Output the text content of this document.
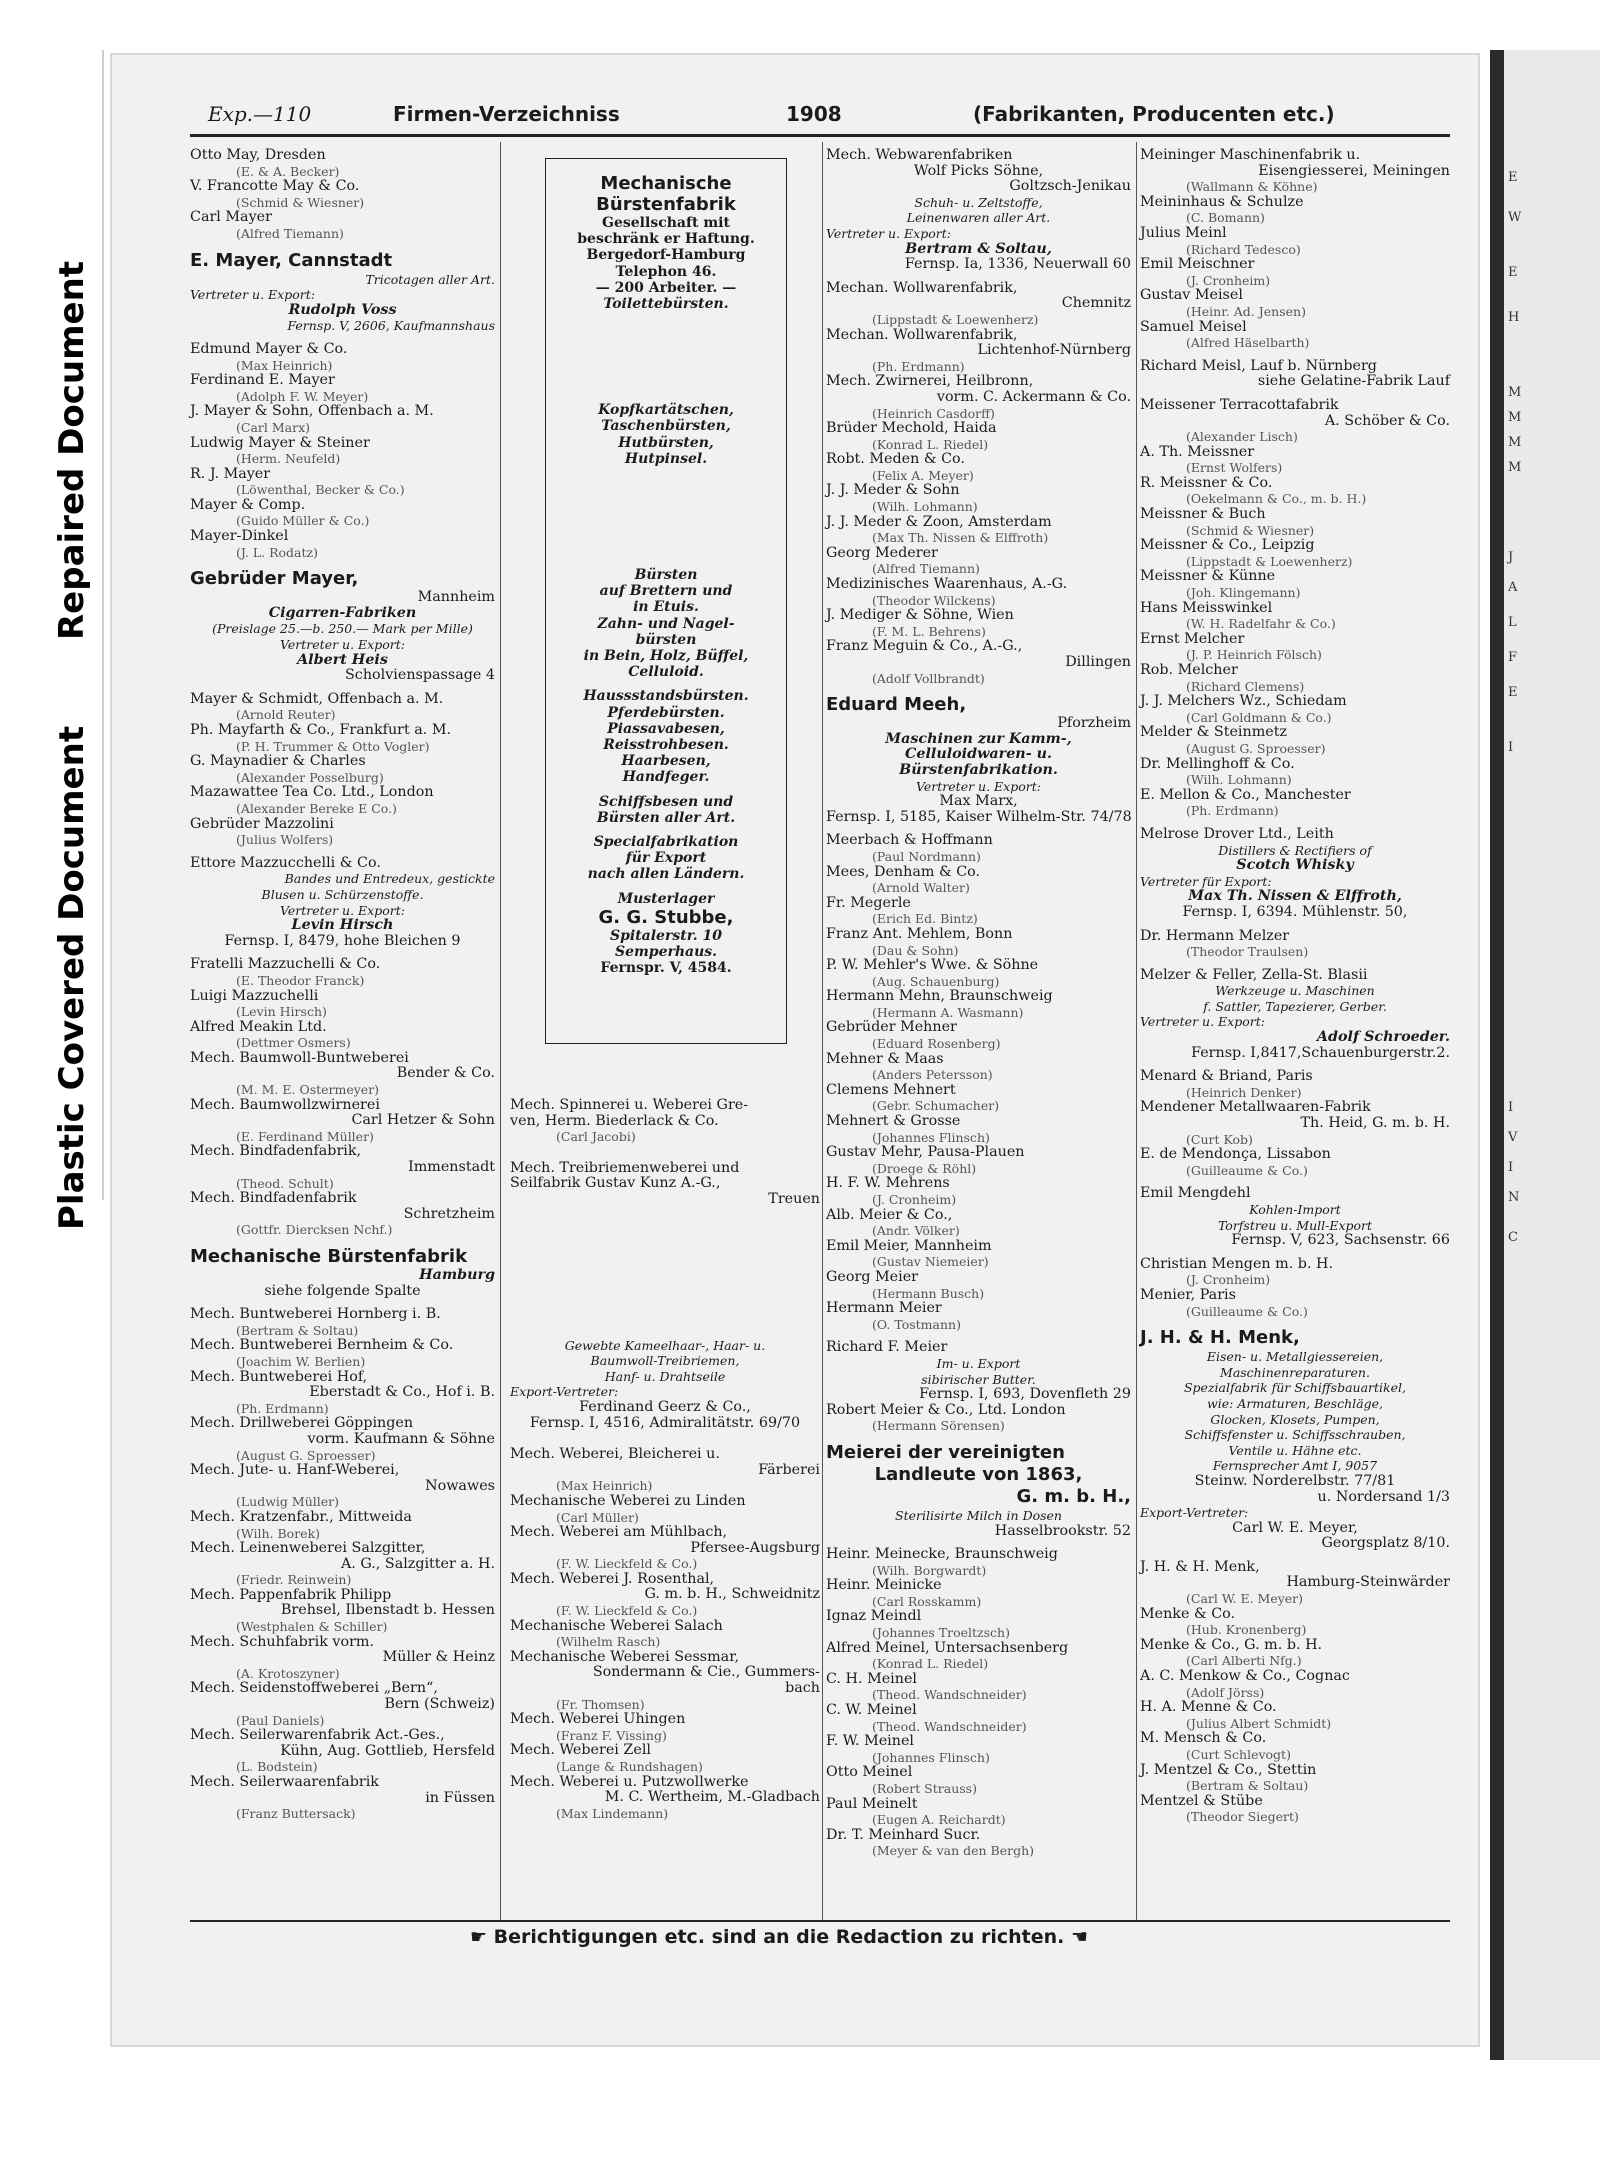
Repaired Document
Plastic Covered Document
E
W
E
H
M
M
M
M
J
A
L
F
E
I
I
V
I
N
C
Exp.—110	Firmen-Verzeichniss	1908	(Fabrikanten, Producenten etc.)
Otto May, Dresden
(E. & A. Becker)
V. Francotte May & Co.
(Schmid & Wiesner)
Carl Mayer
(Alfred Tiemann)
E. Mayer, Cannstadt
Tricotagen aller Art.
Vertreter u. Export:
Rudolph Voss
Fernsp. V, 2606, Kaufmannshaus
Edmund Mayer & Co.
(Max Heinrich)
Ferdinand E. Mayer
(Adolph F. W. Meyer)
J. Mayer & Sohn, Offenbach a. M.
(Carl Marx)
Ludwig Mayer & Steiner
(Herm. Neufeld)
R. J. Mayer
(Löwenthal, Becker & Co.)
Mayer & Comp.
(Guido Müller & Co.)
Mayer-Dinkel
(J. L. Rodatz)
Gebrüder Mayer,
Mannheim
Cigarren-Fabriken
(Preislage 25.—b. 250.— Mark per Mille)
Vertreter u. Export:
Albert Heis
Scholvienspassage 4
Mayer & Schmidt, Offenbach a. M.
(Arnold Reuter)
Ph. Mayfarth & Co., Frankfurt a. M.
(P. H. Trummer & Otto Vogler)
G. Maynadier & Charles
(Alexander Posselburg)
Mazawattee Tea Co. Ltd., London
(Alexander Bereke E Co.)
Gebrüder Mazzolini
(Julius Wolfers)
Ettore Mazzucchelli & Co.
Bandes und Entredeux, gestickte
Blusen u. Schürzenstoffe.
Vertreter u. Export:
Levin Hirsch
Fernsp. I, 8479, hohe Bleichen 9
Fratelli Mazzuchelli & Co.
(E. Theodor Franck)
Luigi Mazzuchelli
(Levin Hirsch)
Alfred Meakin Ltd.
(Dettmer Osmers)
Mech. Baumwoll-Buntweberei
Bender & Co.
(M. M. E. Ostermeyer)
Mech. Baumwollzwirnerei
Carl Hetzer & Sohn
(E. Ferdinand Müller)
Mech. Bindfadenfabrik,
Immenstadt
(Theod. Schult)
Mech. Bindfadenfabrik
Schretzheim
(Gottfr. Diercksen Nchf.)
Mechanische Bürstenfabrik
Hamburg
siehe folgende Spalte
Mech. Buntweberei Hornberg i. B.
(Bertram & Soltau)
Mech. Buntweberei Bernheim & Co.
(Joachim W. Berlien)
Mech. Buntweberei Hof,
Eberstadt & Co., Hof i. B.
(Ph. Erdmann)
Mech. Drillweberei Göppingen
vorm. Kaufmann & Söhne
(August G. Sproesser)
Mech. Jute- u. Hanf-Weberei,
Nowawes
(Ludwig Müller)
Mech. Kratzenfabr., Mittweida
(Wilh. Borek)
Mech. Leinenweberei Salzgitter,
A. G., Salzgitter a. H.
(Friedr. Reinwein)
Mech. Pappenfabrik Philipp
Brehsel, Ilbenstadt b. Hessen
(Westphalen & Schiller)
Mech. Schuhfabrik vorm.
Müller & Heinz
(A. Krotoszyner)
Mech. Seidenstoffweberei „Bern“,
Bern (Schweiz)
(Paul Daniels)
Mech. Seilerwarenfabrik Act.-Ges.,
Kühn, Aug. Gottlieb, Hersfeld
(L. Bodstein)
Mech. Seilerwaarenfabrik
in Füssen
(Franz Buttersack)
Mechanische
Bürstenfabrik
Gesellschaft mit
beschränk er Haftung.
Bergedorf-Hamburg
Telephon 46.
— 200 Arbeiter. —
Toilettebürsten.
Kopfkartätschen,
Taschenbürsten,
Hutbürsten,
Hutpinsel.
Bürsten
auf Brettern und
in Etuis.
Zahn- und Nagel-
bürsten
in Bein, Holz, Büffel,
Celluloid.
Haussstandsbürsten.
Pferdebürsten.
Piassavabesen,
Reisstrohbesen.
Haarbesen,
Handfeger.
Schiffsbesen und
Bürsten aller Art.
Specialfabrikation
für Export
nach allen Ländern.
Musterlager
G. G. Stubbe,
Spitalerstr. 10
Semperhaus.
Fernspr. V, 4584.
Mech. Spinnerei u. Weberei Gre-
ven, Herm. Biederlack & Co.
(Carl Jacobi)
Mech. Treibriemenweberei und
Seilfabrik Gustav Kunz A.-G.,
Treuen
Gewebte Kameelhaar-, Haar- u.
Baumwoll-Treibriemen,
Hanf- u. Drahtseile
Export-Vertreter:
Ferdinand Geerz & Co.,
Fernsp. I, 4516, Admiralitätstr. 69/70
Mech. Weberei, Bleicherei u.
Färberei
(Max Heinrich)
Mechanische Weberei zu Linden
(Carl Müller)
Mech. Weberei am Mühlbach,
Pfersee-Augsburg
(F. W. Lieckfeld & Co.)
Mech. Weberei J. Rosenthal,
G. m. b. H., Schweidnitz
(F. W. Lieckfeld & Co.)
Mechanische Weberei Salach
(Wilhelm Rasch)
Mechanische Weberei Sessmar,
Sondermann & Cie., Gummers-
bach
(Fr. Thomsen)
Mech. Weberei Uhingen
(Franz F. Vissing)
Mech. Weberei Zell
(Lange & Rundshagen)
Mech. Weberei u. Putzwollwerke
M. C. Wertheim, M.-Gladbach
(Max Lindemann)
Mech. Webwarenfabriken
Wolf Picks Söhne,
Goltzsch-Jenikau
Schuh- u. Zeltstoffe,
Leinenwaren aller Art.
Vertreter u. Export:
Bertram & Soltau,
Fernsp. Ia, 1336, Neuerwall 60
Mechan. Wollwarenfabrik,
Chemnitz
(Lippstadt & Loewenherz)
Mechan. Wollwarenfabrik,
Lichtenhof-Nürnberg
(Ph. Erdmann)
Mech. Zwirnerei, Heilbronn,
vorm. C. Ackermann & Co.
(Heinrich Casdorff)
Brüder Mechold, Haida
(Konrad L. Riedel)
Robt. Meden & Co.
(Felix A. Meyer)
J. J. Meder & Sohn
(Wilh. Lohmann)
J. J. Meder & Zoon, Amsterdam
(Max Th. Nissen & Elffroth)
Georg Mederer
(Alfred Tiemann)
Medizinisches Waarenhaus, A.-G.
(Theodor Wilckens)
J. Mediger & Söhne, Wien
(F. M. L. Behrens)
Franz Meguin & Co., A.-G.,
Dillingen
(Adolf Vollbrandt)
Eduard Meeh,
Pforzheim
Maschinen zur Kamm-,
Celluloidwaren- u.
Bürstenfabrikation.
Vertreter u. Export:
Max Marx,
Fernsp. I, 5185, Kaiser Wilhelm-Str. 74/78
Meerbach & Hoffmann
(Paul Nordmann)
Mees, Denham & Co.
(Arnold Walter)
Fr. Megerle
(Erich Ed. Bintz)
Franz Ant. Mehlem, Bonn
(Dau & Sohn)
P. W. Mehler's Wwe. & Söhne
(Aug. Schauenburg)
Hermann Mehn, Braunschweig
(Hermann A. Wasmann)
Gebrüder Mehner
(Eduard Rosenberg)
Mehner & Maas
(Anders Petersson)
Clemens Mehnert
(Gebr. Schumacher)
Mehnert & Grosse
(Johannes Flinsch)
Gustav Mehr, Pausa-Plauen
(Droege & Röhl)
H. F. W. Mehrens
(J. Cronheim)
Alb. Meier & Co.,
(Andr. Völker)
Emil Meier, Mannheim
(Gustav Niemeier)
Georg Meier
(Hermann Busch)
Hermann Meier
(O. Tostmann)
Richard F. Meier
Im- u. Export
sibirischer Butter.
Fernsp. I, 693, Dovenfleth 29
Robert Meier & Co., Ltd. London
(Hermann Sörensen)
Meierei der vereinigten
Landleute von 1863,
G. m. b. H.,
Sterilisirte Milch in Dosen
Hasselbrookstr. 52
Heinr. Meinecke, Braunschweig
(Wilh. Borgwardt)
Heinr. Meinicke
(Carl Rosskamm)
Ignaz Meindl
(Johannes Troeltzsch)
Alfred Meinel, Untersachsenberg
(Konrad L. Riedel)
C. H. Meinel
(Theod. Wandschneider)
C. W. Meinel
(Theod. Wandschneider)
F. W. Meinel
(Johannes Flinsch)
Otto Meinel
(Robert Strauss)
Paul Meinelt
(Eugen A. Reichardt)
Dr. T. Meinhard Sucr.
(Meyer & van den Bergh)
Meininger Maschinenfabrik u.
Eisengiesserei, Meiningen
(Wallmann & Köhne)
Meininhaus & Schulze
(C. Bomann)
Julius Meinl
(Richard Tedesco)
Emil Meischner
(J. Cronheim)
Gustav Meisel
(Heinr. Ad. Jensen)
Samuel Meisel
(Alfred Häselbarth)
Richard Meisl, Lauf b. Nürnberg
siehe Gelatine-Fabrik Lauf
Meissener Terracottafabrik
A. Schöber & Co.
(Alexander Lisch)
A. Th. Meissner
(Ernst Wolfers)
R. Meissner & Co.
(Oekelmann & Co., m. b. H.)
Meissner & Buch
(Schmid & Wiesner)
Meissner & Co., Leipzig
(Lippstadt & Loewenherz)
Meissner & Künne
(Joh. Klingemann)
Hans Meisswinkel
(W. H. Radelfahr & Co.)
Ernst Melcher
(J. P. Heinrich Fölsch)
Rob. Melcher
(Richard Clemens)
J. J. Melchers Wz., Schiedam
(Carl Goldmann & Co.)
Melder & Steinmetz
(August G. Sproesser)
Dr. Mellinghoff & Co.
(Wilh. Lohmann)
E. Mellon & Co., Manchester
(Ph. Erdmann)
Melrose Drover Ltd., Leith
Distillers & Rectifiers of
Scotch Whisky
Vertreter für Export:
Max Th. Nissen & Elffroth,
Fernsp. I, 6394. Mühlenstr. 50,
Dr. Hermann Melzer
(Theodor Traulsen)
Melzer & Feller, Zella-St. Blasii
Werkzeuge u. Maschinen
f. Sattler, Tapezierer, Gerber.
Vertreter u. Export:
Adolf Schroeder.
Fernsp. I,8417,Schauenburgerstr.2.
Menard & Briand, Paris
(Heinrich Denker)
Mendener Metallwaaren-Fabrik
Th. Heid, G. m. b. H.
(Curt Kob)
E. de Mendonça, Lissabon
(Guilleaume & Co.)
Emil Mengdehl
Kohlen-Import
Torfstreu u. Mull-Export
Fernsp. V, 623, Sachsenstr. 66
Christian Mengen m. b. H.
(J. Cronheim)
Menier, Paris
(Guilleaume & Co.)
J. H. & H. Menk,
Eisen- u. Metallgiessereien,
Maschinenreparaturen.
Spezialfabrik für Schiffsbauartikel,
wie: Armaturen, Beschläge,
Glocken, Klosets, Pumpen,
Schiffsfenster u. Schiffsschrauben,
Ventile u. Hähne etc.
Fernsprecher Amt I, 9057
Steinw. Norderelbstr. 77/81
u. Nordersand 1/3
Export-Vertreter:
Carl W. E. Meyer,
Georgsplatz 8/10.
J. H. & H. Menk,
Hamburg-Steinwärder
(Carl W. E. Meyer)
Menke & Co.
(Hub. Kronenberg)
Menke & Co., G. m. b. H.
(Carl Alberti Nfg.)
A. C. Menkow & Co., Cognac
(Adolf Jörss)
H. A. Menne & Co.
(Julius Albert Schmidt)
M. Mensch & Co.
(Curt Schlevogt)
J. Mentzel & Co., Stettin
(Bertram & Soltau)
Mentzel & Stübe
(Theodor Siegert)
☛ Berichtigungen etc. sind an die Redaction zu richten. ☚
